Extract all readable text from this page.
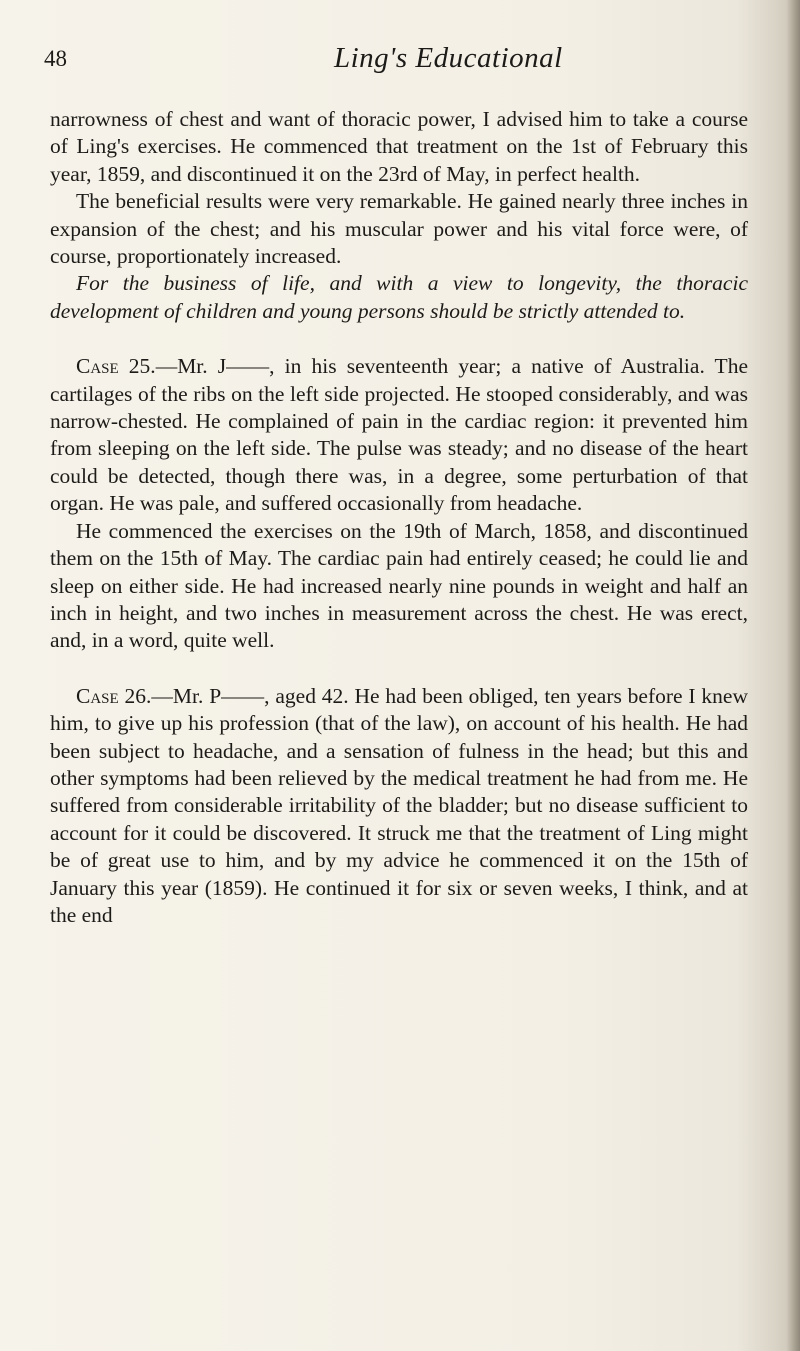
48	Ling's Educational

narrowness of chest and want of thoracic power, I advised him to take a course of Ling's exercises. He commenced that treatment on the 1st of February this year, 1859, and discontinued it on the 23rd of May, in perfect health.

The beneficial results were very remarkable. He gained nearly three inches in expansion of the chest; and his muscular power and his vital force were, of course, proportionately increased.

For the business of life, and with a view to longevity, the thoracic development of children and young persons should be strictly attended to.

Case 25.—Mr. J——, in his seventeenth year; a native of Australia. The cartilages of the ribs on the left side projected. He stooped considerably, and was narrow-chested. He complained of pain in the cardiac region: it prevented him from sleeping on the left side. The pulse was steady; and no disease of the heart could be detected, though there was, in a degree, some perturbation of that organ. He was pale, and suffered occasionally from headache.

He commenced the exercises on the 19th of March, 1858, and discontinued them on the 15th of May. The cardiac pain had entirely ceased; he could lie and sleep on either side. He had increased nearly nine pounds in weight and half an inch in height, and two inches in measurement across the chest. He was erect, and, in a word, quite well.

Case 26.—Mr. P——, aged 42. He had been obliged, ten years before I knew him, to give up his profession (that of the law), on account of his health. He had been subject to headache, and a sensation of fulness in the head; but this and other symptoms had been relieved by the medical treatment he had from me. He suffered from considerable irritability of the bladder; but no disease sufficient to account for it could be discovered. It struck me that the treatment of Ling might be of great use to him, and by my advice he commenced it on the 15th of January this year (1859). He continued it for six or seven weeks, I think, and at the end
